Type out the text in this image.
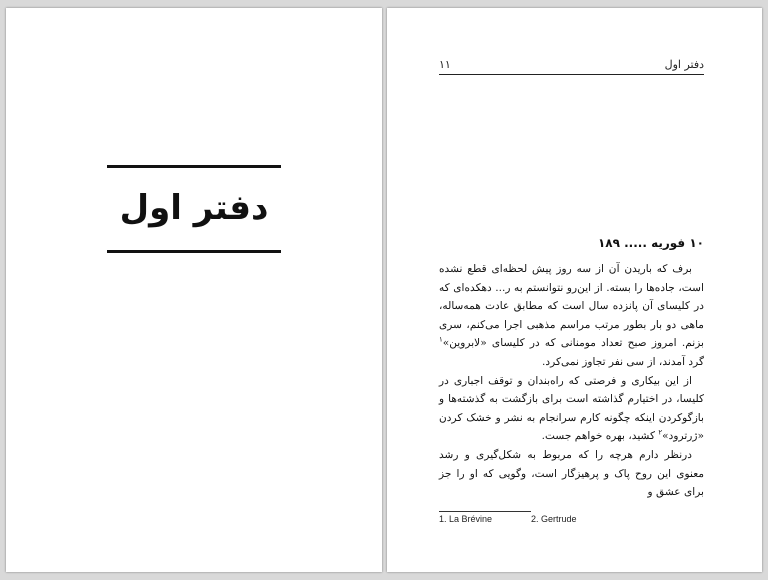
دفتر اول
۱۱	دفتر اول
۱۰ فوریه ..... ۱۸۹

برف که باریدن آن از سه روز پیش لحظه‌ای قطع نشده است، جاده‌ها را بسته. از این‌رو نتوانستم به ر... دهکده‌ای که در کلیسای آن پانزده سال است که مطابق عادت همه‌ساله، ماهی دو بار بطور مرتب مراسم مذهبی اجرا می‌کنم، سری بزنم. امروز صبح تعداد مومنانی که در کلیسای «لابروین»$^۱$ گرد آمدند، از سی نفر تجاوز نمی‌کرد.

از این بیکاری و فرصتی که راه‌بندان و توقف اجباری در کلیسا، در اختیارم گذاشته است برای بازگشت به گذشته‌ها و بازگوکردن اینکه چگونه کارم سرانجام به نشر و خشک کردن «ژرترود»$^۲$ کشید، بهره خواهم جست.

درنظر دارم هرچه را که مربوط به شکل‌گیری و رشد معنوی این روح پاک و پرهیزگار است، وگویی که او را جز برای عشق و

1. La Brévine	2. Gertrude
